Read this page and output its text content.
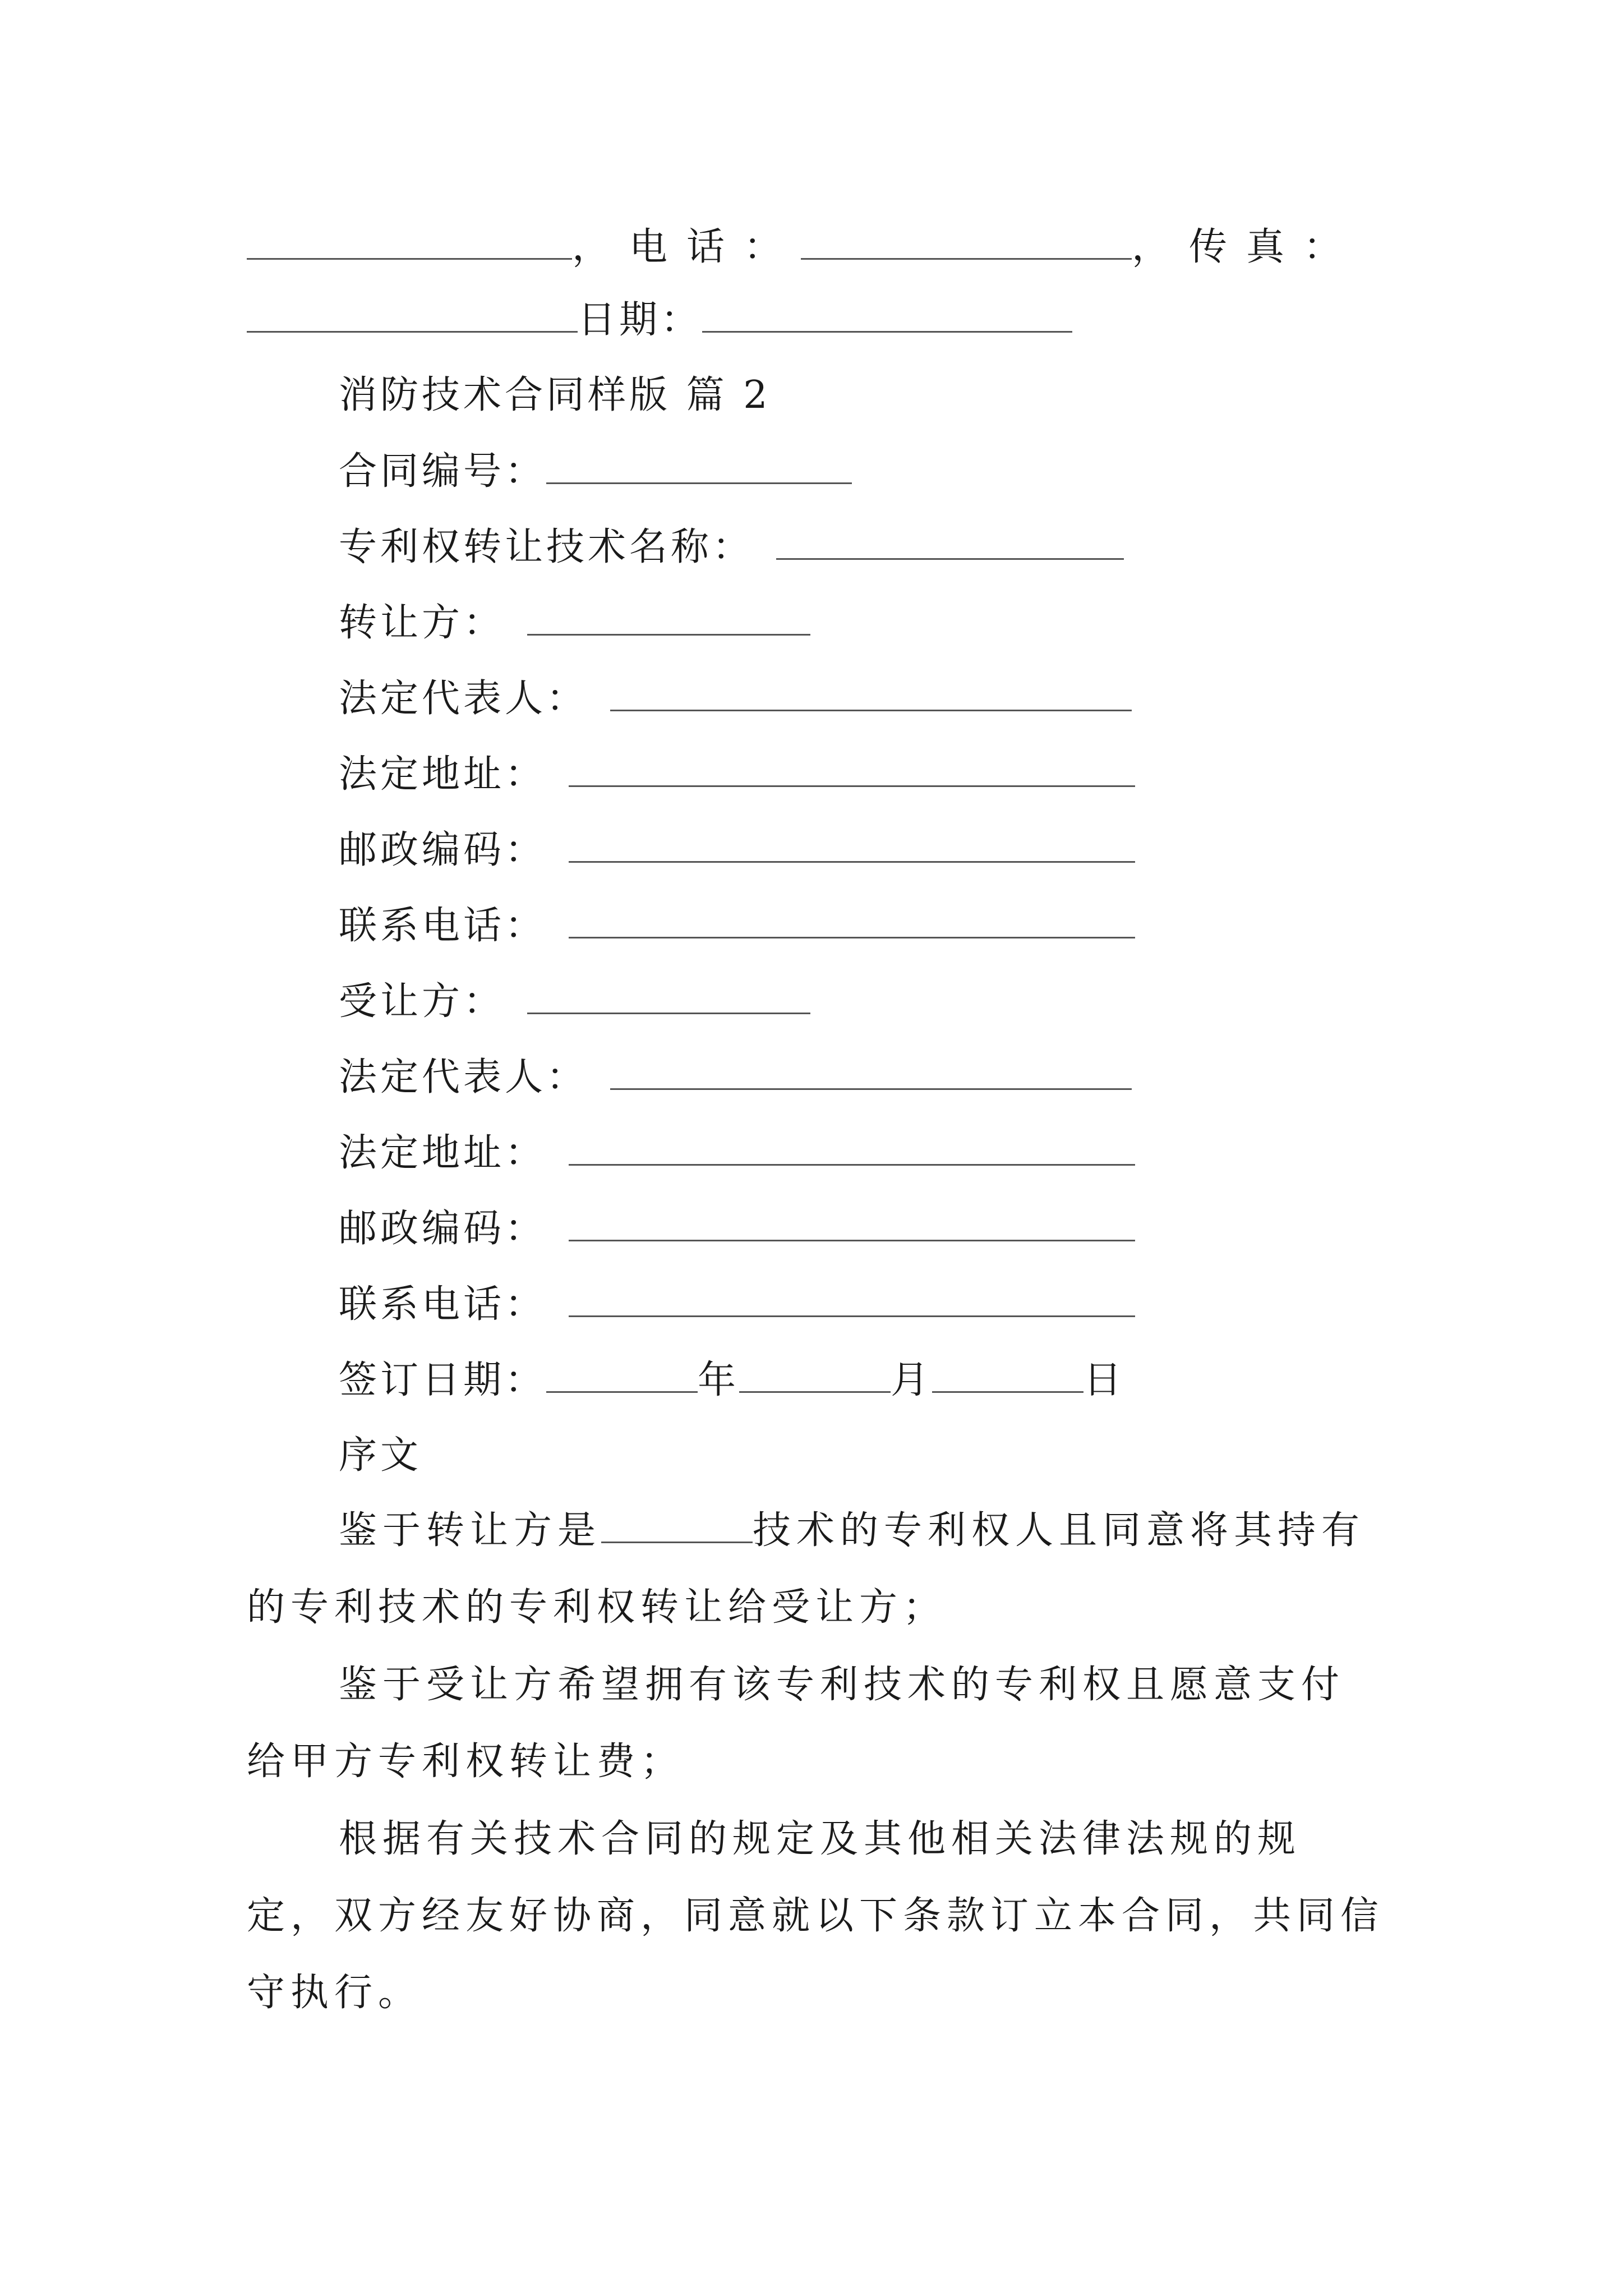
，电话：	，传真：
日期：
消防技术合同样版 篇 2
合同编号：
专利权转让技术名称：
转让方：
法定代表人：
法定地址：
邮政编码：
联系电话：
受让方：
法定代表人：
法定地址：
邮政编码：
联系电话：
签订日期：	年	月	日
序文
鉴于转让方是	技术的专利权人且同意将其持有的专利技术的专利权转让给受让方；
鉴于受让方希望拥有该专利技术的专利权且愿意支付给甲方专利权转让费；
根据有关技术合同的规定及其他相关法律法规的规定，双方经友好协商，同意就以下条款订立本合同，共同信守执行。
